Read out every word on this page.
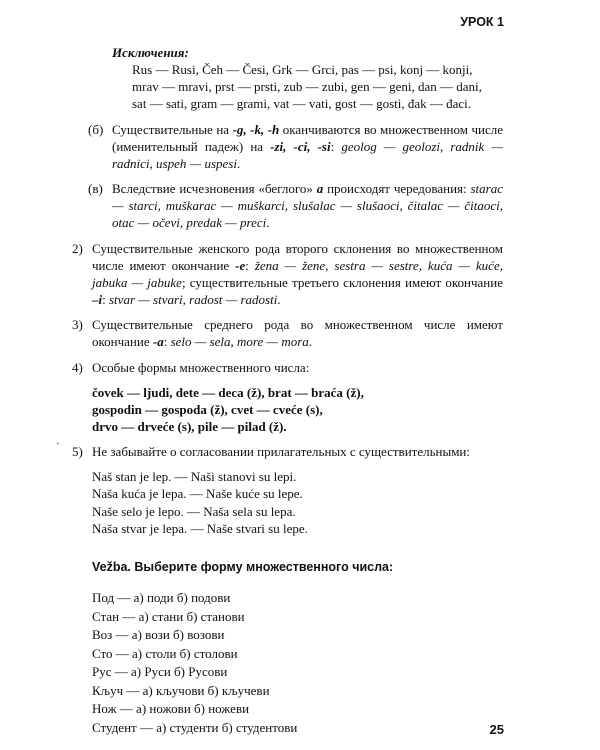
УРОК 1
·
Исключения:
Rus — Rusi, Čeh — Česi, Grk — Grci, pas — psi, konj — konji,
mrav — mravi, prst — prsti, zub — zubi, gen — geni, dan — dani,
sat — sati, gram — grami, vat — vati, gost — gosti, đak — đaci.
(б) Существительные на -g, -k, -h оканчиваются во множественном числе (именительный падеж) на -zi, -ci, -si: geolog — geolozi, radnik — radnici, uspeh — uspesi.
(в) Вследствие исчезновения «беглого» a происходят чередования: starac — starci, muškarac — muškarci, slušalac — slušaoci, čitalac — čitaoci, otac — očevi, predak — preci.
2) Существительные женского рода второго склонения во множественном числе имеют окончание -e: žena — žene, sestra — sestre, kuća — kuće, jabuka — jabuke; существительные третьего склонения имеют окончание –i: stvar — stvari, radost — radosti.
3) Существительные среднего рода во множественном числе имеют окончание -a: selo — sela, more — mora.
4) Особые формы множественного числа:
čovek — ljudi, dete — deca (ž), brat — braća (ž),
gospodin — gospoda (ž), cvet — cveće (s),
drvo — drveće (s), pile — pilad (ž).
5) Не забывайте о согласовании прилагательных с существительными:
Naš stan je lep. — Naši stanovi su lepi.
Naša kuća je lepa. — Naše kuće su lepe.
Naše selo je lepo. — Naša sela su lepa.
Naša stvar je lepa. — Naše stvari su lepe.
Vežba. Выберите форму множественного числа:
Под — а) поди б) подови
Стан — а) стани б) станови
Воз — а) вози б) возови
Сто — а) столи б) столови
Рус — а) Руси б) Русови
Кључ — а) кључови б) кључеви
Нож — а) ножови б) ножеви
Студент — а) студенти б) студентови	25
